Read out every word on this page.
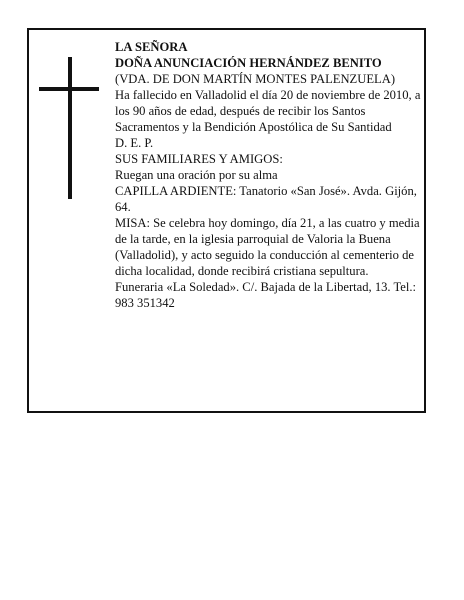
LA SEÑORA

DOÑA ANUNCIACIÓN HERNÁNDEZ BENITO

(VDA. DE DON MARTÍN MONTES PALENZUELA)

Ha fallecido en Valladolid el día 20 de noviembre de 2010, a los 90 años de edad, después de recibir los Santos Sacramentos y la Bendición Apostólica de Su Santidad

D. E. P.

SUS FAMILIARES Y AMIGOS:

Ruegan una oración por su alma

CAPILLA ARDIENTE: Tanatorio «San José». Avda. Gijón, 64.

MISA: Se celebra hoy domingo, día 21, a las cuatro y media de la tarde, en la iglesia parroquial de Valoria la Buena (Valladolid), y acto seguido la conducción al cementerio de dicha localidad, donde recibirá cristiana sepultura.

Funeraria «La Soledad». C/. Bajada de la Libertad, 13. Tel.: 983 351342
